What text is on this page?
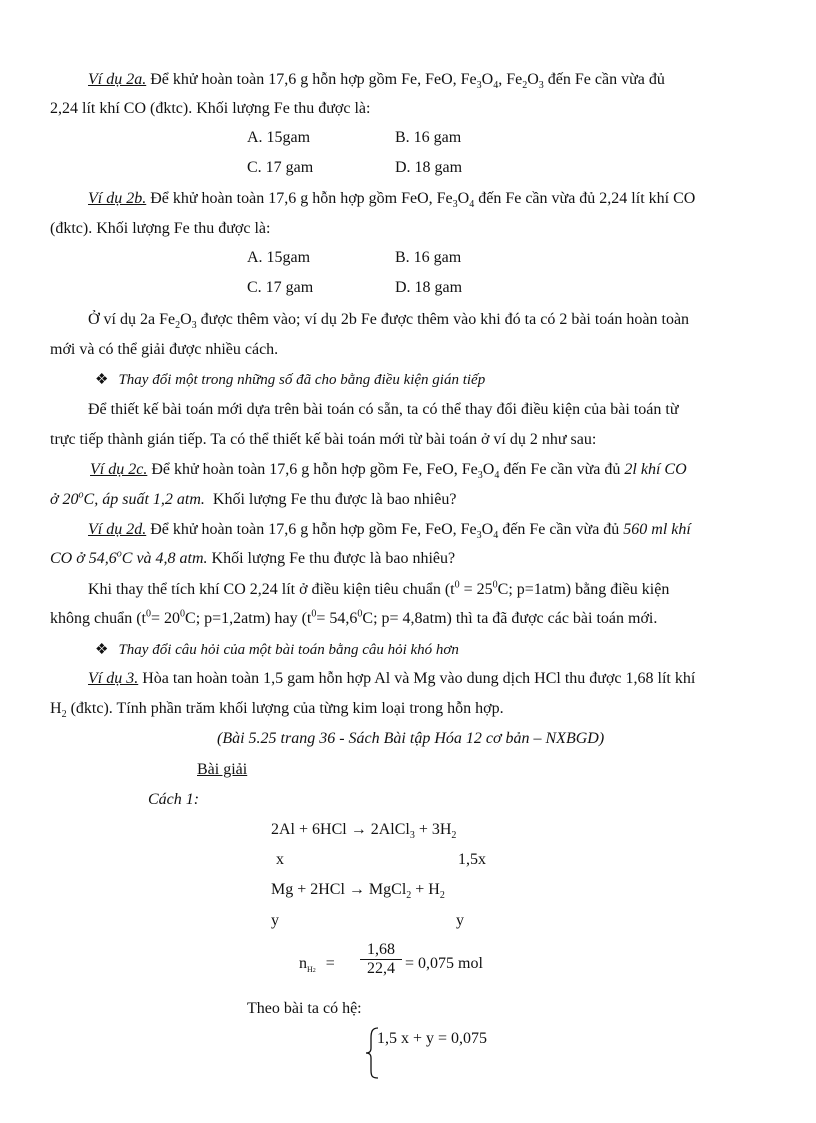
Ví dụ 2a. Để khử hoàn toàn 17,6 g hỗn hợp gồm Fe, FeO, $Fe_3O_4$, $Fe_2O_3$ đến Fe cần vừa đủ
2,24 lít khí CO (đktc). Khối lượng Fe thu được là:
A. 15gam	B. 16 gam
C. 17 gam	D. 18 gam
Ví dụ 2b. Để khử hoàn toàn 17,6 g hỗn hợp gồm FeO, $Fe_3O_4$ đến Fe cần vừa đủ 2,24 lít khí CO
(đktc). Khối lượng Fe thu được là:
A. 15gam	B. 16 gam
C. 17 gam	D. 18 gam
Ở ví dụ 2a $Fe_2O_3$ được thêm vào; ví dụ 2b Fe được thêm vào khi đó ta có 2 bài toán hoàn toàn
mới và có thể giải được nhiều cách.
❖ Thay đổi một trong những số đã cho bằng điều kiện gián tiếp
Để thiết kế bài toán mới dựa trên bài toán có sẵn, ta có thể thay đổi điều kiện của bài toán từ
trực tiếp thành gián tiếp. Ta có thể thiết kế bài toán mới từ bài toán ở ví dụ 2 như sau:
Ví dụ 2c. Để khử hoàn toàn 17,6 g hỗn hợp gồm Fe, FeO, $Fe_3O_4$ đến Fe cần vừa đủ 2l khí CO
ở 20$^o$C, áp suất 1,2 atm. Khối lượng Fe thu được là bao nhiêu?
Ví dụ 2d. Để khử hoàn toàn 17,6 g hỗn hợp gồm Fe, FeO, $Fe_3O_4$ đến Fe cần vừa đủ 560 ml khí
CO ở 54,6$^o$C và 4,8 atm. Khối lượng Fe thu được là bao nhiêu?
Khi thay thể tích khí CO 2,24 lít ở điều kiện tiêu chuẩn ($t^0 = 25^0C$; p=1atm) bằng điều kiện
không chuẩn ($t^0= 20^0C$; p=1,2atm) hay ($t^0= 54,6^0C$; p= 4,8atm) thì ta đã được các bài toán mới.
❖ Thay đổi câu hỏi của một bài toán bằng câu hỏi khó hơn
Ví dụ 3. Hòa tan hoàn toàn 1,5 gam hỗn hợp Al và Mg vào dung dịch HCl thu được 1,68 lít khí
$H_2$ (đktc). Tính phần trăm khối lượng của từng kim loại trong hỗn hợp.
(Bài 5.25 trang 36 - Sách Bài tập Hóa 12 cơ bản – NXBGD)
Bài giải
Cách 1:
2Al + 6HCl → 2AlCl$_3$ + $3H_2$
x	1,5x
Mg + 2HCl → MgCl$_2$ + $H_2$
y	y
$n_{H2} = \frac{1,68}{22,4} = 0,075$ mol
Theo bài ta có hệ:
1,5 x + y = 0,075
